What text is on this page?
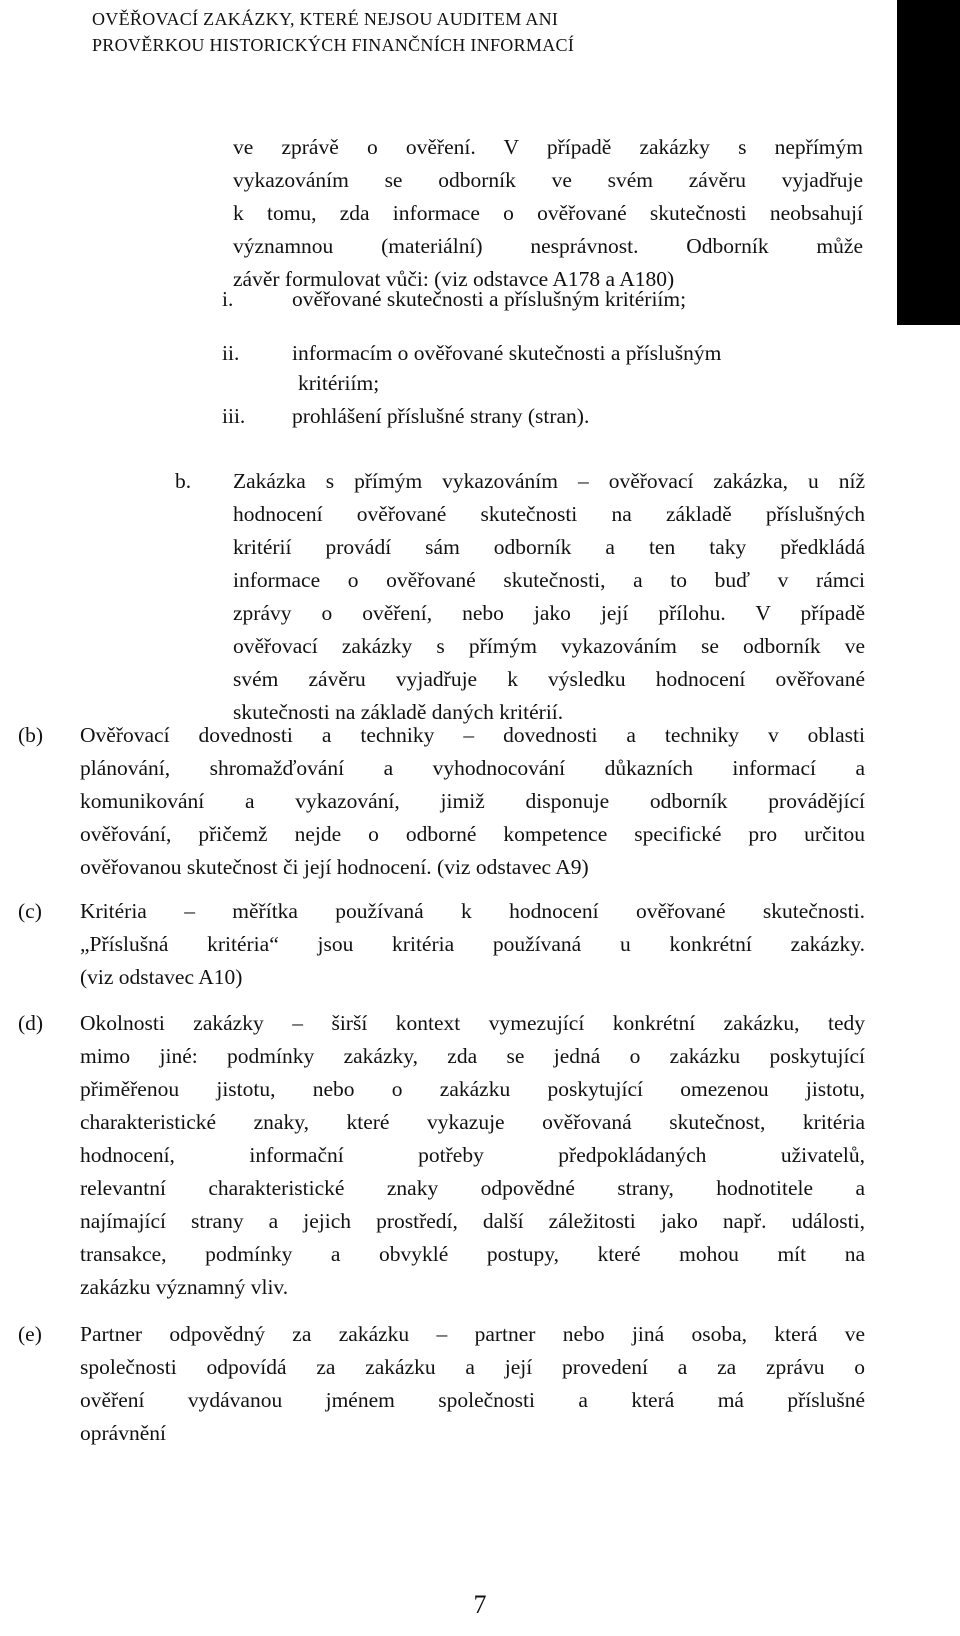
OVĚŘOVACÍ ZAKÁZKY, KTERÉ NEJSOU AUDITEM ANI
PROVĚRKOU HISTORICKÝCH FINANČNÍCH INFORMACÍ
ve zprávě o ověření. V případě zakázky s nepřímým
vykazováním se odborník ve svém závěru vyjadřuje
k tomu, zda informace o ověřované skutečnosti neobsahují
významnou (materiální) nesprávnost. Odborník může
závěr formulovat vůči: (viz odstavce A178 a A180)
i.	ověřované skutečnosti a příslušným kritériím;
ii. informacím o ověřované skutečnosti a příslušným
kritériím;
iii. prohlášení příslušné strany (stran).
b. Zakázka s přímým vykazováním – ověřovací zakázka, u níž
hodnocení ověřované skutečnosti na základě příslušných
kritérií provádí sám odborník a ten taky předkládá
informace o ověřované skutečnosti, a to buď v rámci
zprávy o ověření, nebo jako její přílohu. V případě
ověřovací zakázky s přímým vykazováním se odborník ve
svém závěru vyjadřuje k výsledku hodnocení ověřované
skutečnosti na základě daných kritérií.
(b) Ověřovací dovednosti a techniky – dovednosti a techniky v oblasti
plánování, shromažďování a vyhodnocování důkazních informací a
komunikování a vykazování, jimiž disponuje odborník provádějící
ověřování, přičemž nejde o odborné kompetence specifické pro určitou
ověřovanou skutečnost či její hodnocení. (viz odstavec A9)
(c) Kritéria – měřítka používaná k hodnocení ověřované skutečnosti.
„Příslušná kritéria“ jsou kritéria používaná u konkrétní zakázky.
(viz odstavec A10)
(d) Okolnosti zakázky – širší kontext vymezující konkrétní zakázku, tedy
mimo jiné: podmínky zakázky, zda se jedná o zakázku poskytující
přiměřenou jistotu, nebo o zakázku poskytující omezenou jistotu,
charakteristické znaky, které vykazuje ověřovaná skutečnost, kritéria
hodnocení, informační potřeby předpokládaných uživatelů,
relevantní charakteristické znaky odpovědné strany, hodnotitele a
najímající strany a jejich prostředí, další záležitosti jako např. události,
transakce, podmínky a obvyklé postupy, které mohou mít na
zakázku významný vliv.
(e) Partner odpovědný za zakázku – partner nebo jiná osoba, která ve
společnosti odpovídá za zakázku a její provedení a za zprávu o
ověření vydávanou jménem společnosti a která má příslušné
oprávnění
7
